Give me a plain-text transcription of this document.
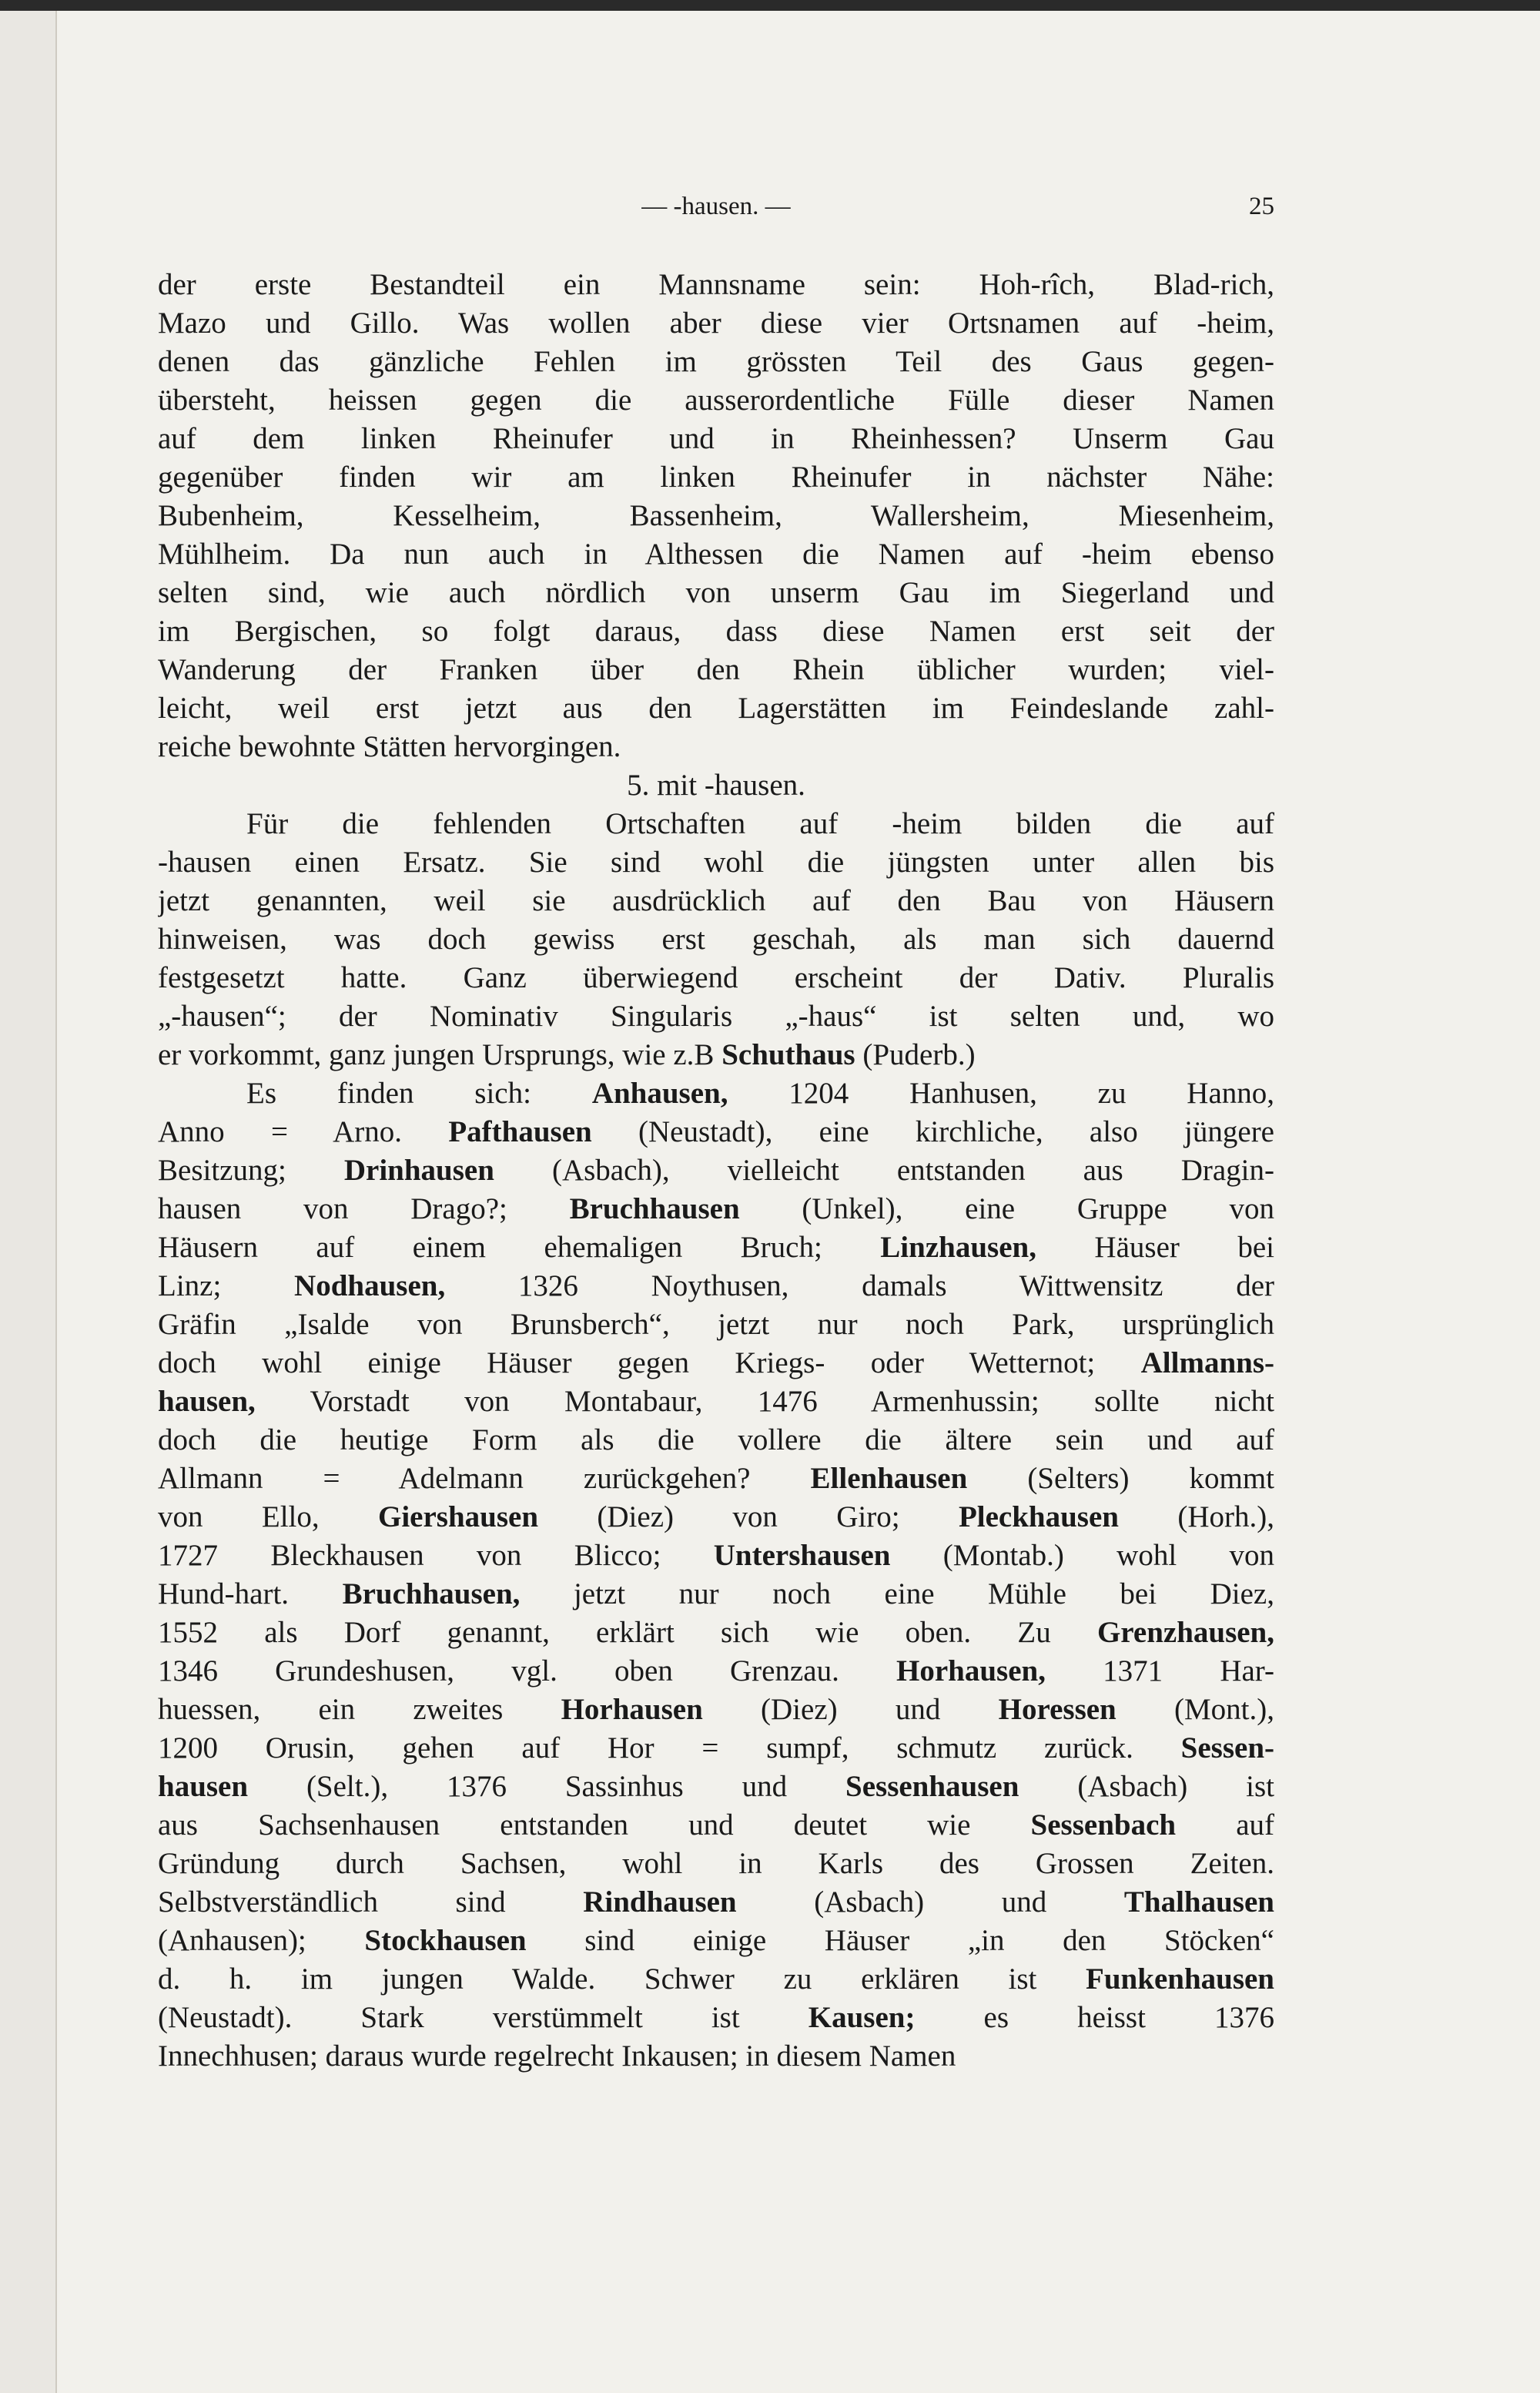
— -hausen. —	25
der erste Bestandteil ein Mannsname sein: Hoh-rîch, Blad-rich,
Mazo und Gillo. Was wollen aber diese vier Ortsnamen auf -heim,
denen das gänzliche Fehlen im grössten Teil des Gaus gegen-
übersteht, heissen gegen die ausserordentliche Fülle dieser Namen
auf dem linken Rheinufer und in Rheinhessen? Unserm Gau
gegenüber finden wir am linken Rheinufer in nächster Nähe:
Bubenheim, Kesselheim, Bassenheim, Wallersheim, Miesenheim,
Mühlheim. Da nun auch in Althessen die Namen auf -heim ebenso
selten sind, wie auch nördlich von unserm Gau im Siegerland und
im Bergischen, so folgt daraus, dass diese Namen erst seit der
Wanderung der Franken über den Rhein üblicher wurden; viel-
leicht, weil erst jetzt aus den Lagerstätten im Feindeslande zahl-
reiche bewohnte Stätten hervorgingen.
5. mit -hausen.
Für die fehlenden Ortschaften auf -heim bilden die auf
-hausen einen Ersatz. Sie sind wohl die jüngsten unter allen bis
jetzt genannten, weil sie ausdrücklich auf den Bau von Häusern
hinweisen, was doch gewiss erst geschah, als man sich dauernd
festgesetzt hatte. Ganz überwiegend erscheint der Dativ. Pluralis
„-hausen“; der Nominativ Singularis „-haus“ ist selten und, wo
er vorkommt, ganz jungen Ursprungs, wie z.B Schuthaus (Puderb.)
Es finden sich: Anhausen, 1204 Hanhusen, zu Hanno,
Anno = Arno. Pafthausen (Neustadt), eine kirchliche, also jüngere
Besitzung; Drinhausen (Asbach), vielleicht entstanden aus Dragin-
hausen von Drago?; Bruchhausen (Unkel), eine Gruppe von
Häusern auf einem ehemaligen Bruch; Linzhausen, Häuser bei
Linz; Nodhausen, 1326 Noythusen, damals Wittwensitz der
Gräfin „Isalde von Brunsberch“, jetzt nur noch Park, ursprünglich
doch wohl einige Häuser gegen Kriegs- oder Wetternot; Allmanns-
hausen, Vorstadt von Montabaur, 1476 Armenhussin; sollte nicht
doch die heutige Form als die vollere die ältere sein und auf
Allmann = Adelmann zurückgehen? Ellenhausen (Selters) kommt
von Ello, Giershausen (Diez) von Giro; Pleckhausen (Horh.),
1727 Bleckhausen von Blicco; Untershausen (Montab.) wohl von
Hund-hart. Bruchhausen, jetzt nur noch eine Mühle bei Diez,
1552 als Dorf genannt, erklärt sich wie oben. Zu Grenzhausen,
1346 Grundeshusen, vgl. oben Grenzau. Horhausen, 1371 Har-
huessen, ein zweites Horhausen (Diez) und Horessen (Mont.),
1200 Orusin, gehen auf Hor = sumpf, schmutz zurück. Sessen-
hausen (Selt.), 1376 Sassinhus und Sessenhausen (Asbach) ist
aus Sachsenhausen entstanden und deutet wie Sessenbach auf
Gründung durch Sachsen, wohl in Karls des Grossen Zeiten.
Selbstverständlich sind Rindhausen (Asbach) und Thalhausen
(Anhausen); Stockhausen sind einige Häuser „in den Stöcken“
d. h. im jungen Walde. Schwer zu erklären ist Funkenhausen
(Neustadt). Stark verstümmelt ist Kausen; es heisst 1376
Innechhusen; daraus wurde regelrecht Inkausen; in diesem Namen
